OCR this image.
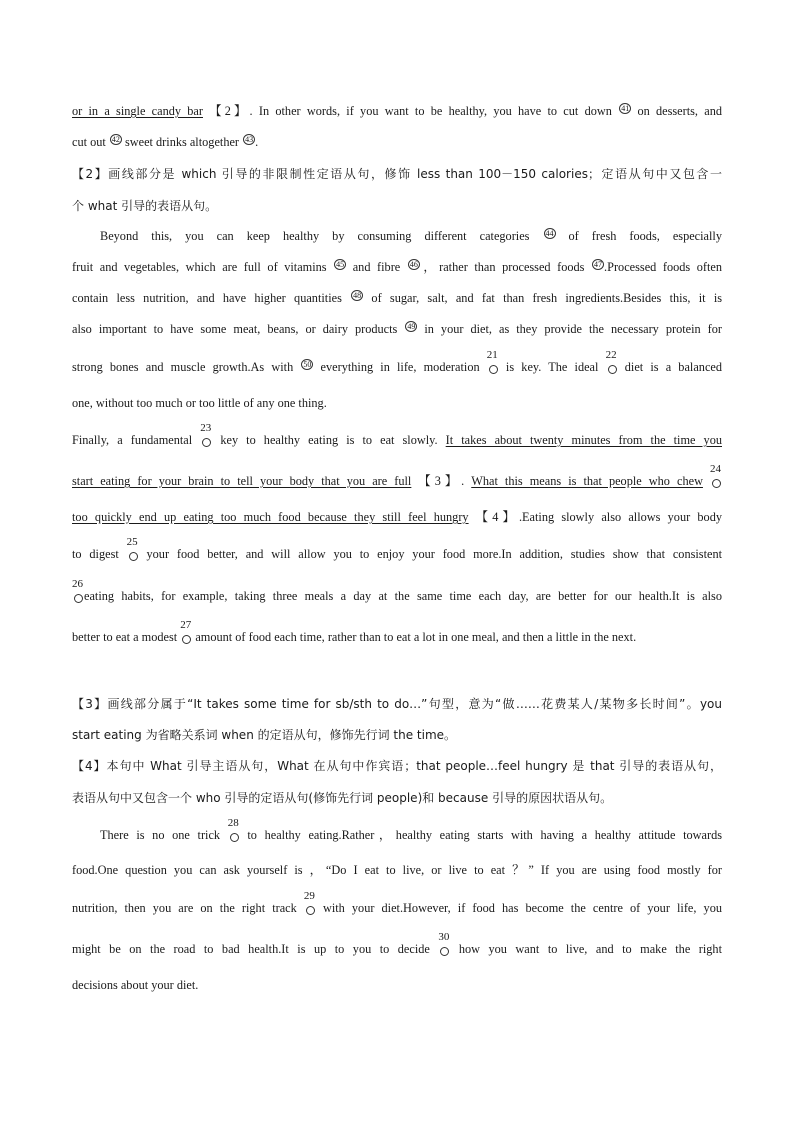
or in a single candy bar 【2】. In other words, if you want to be healthy, you have to cut down $^{41}$ on desserts, and
cut out $^{42}$ sweet drinks altogether $^{43}$ .
【2】画线部分是 which 引导的非限制性定语从句，修饰 less than 100－150 calories；定语从句中又包含一
个 what 引导的表语从句。
Beyond this, you can keep healthy by consuming different categories $^{44}$ of fresh foods, especially
fruit and vegetables, which are full of vitamins $^{45}$ and fibre $^{46}$ ，rather than processed foods $^{47}$ .Processed foods often
contain less nutrition, and have higher quantities $^{48}$ of sugar, salt, and fat than fresh ingredients.Besides this, it is
also important to have some meat, beans, or dairy products $^{49}$ in your diet, as they provide the necessary protein for
strong bones and muscle growth.As with $^{50}$ everything in life, moderation
21
is key. The ideal
22
diet is a balanced
one, without too much or too little of any one thing.
Finally, a fundamental
23
key to healthy eating is to eat slowly. It takes about twenty minutes from the time you
start eating for your brain to tell your body that you are full 【3】. What this means is that people who chew
24
too quickly end up eating too much food because they still feel hungry 【4】.Eating slowly also allows your body
to digest
25
your food better, and will allow you to enjoy your food more.In addition, studies show that consistent
26
eating habits, for example, taking three meals a day at the same time each day, are better for our health.It is also
better to eat a modest
27
amount of food each time, rather than to eat a lot in one meal, and then a little in the next.
【3】画线部分属于“It takes some time for sb/sth to do…”句型，意为“做……花费某人/某物多长时间”。you
start eating 为省略关系词 when 的定语从句，修饰先行词 the time。
【4】本句中 What 引导主语从句，What 在从句中作宾语；that people…feel hungry 是 that 引导的表语从句，
表语从句中又包含一个 who 引导的定语从句(修饰先行词 people)和 because 引导的原因状语从句。
There is no one trick
28
to healthy eating.Rather，healthy eating starts with having a healthy attitude towards
food.One question you can ask yourself is ，“Do I eat to live, or live to eat ？” If you are using food mostly for
nutrition, then you are on the right track
29
with your diet.However, if food has become the centre of your life, you
might be on the road to bad health.It is up to you to decide
30
how you want to live, and to make the right
decisions about your diet.
